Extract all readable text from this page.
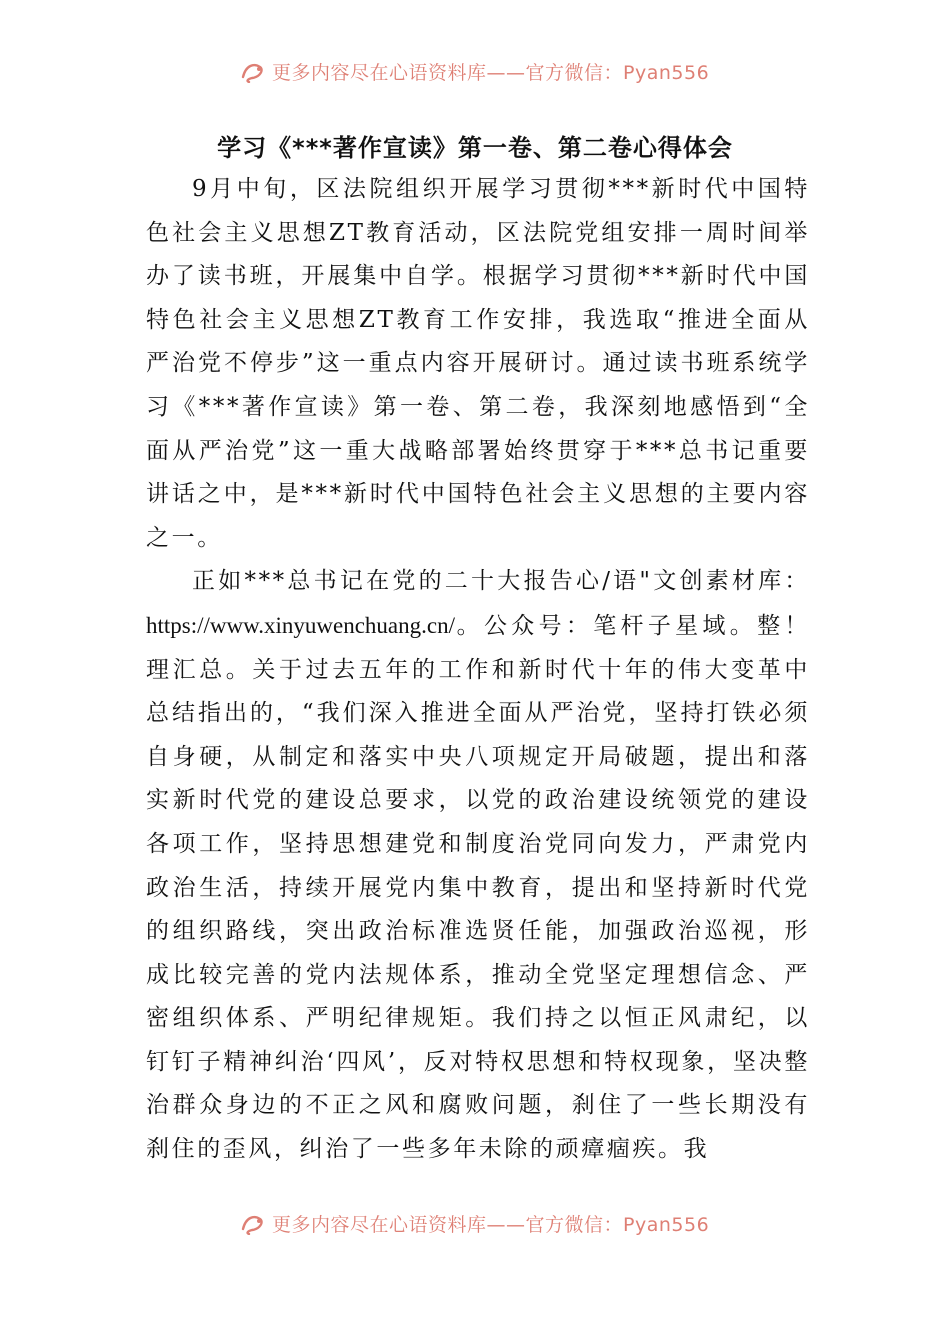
更多内容尽在心语资料库——官方微信：Pyan556
学习《***著作宣读》第一卷、第二卷心得体会

9月中旬，区法院组织开展学习贯彻***新时代中国特色社会主义思想ZT教育活动，区法院党组安排一周时间举办了读书班，开展集中自学。根据学习贯彻***新时代中国特色社会主义思想ZT教育工作安排，我选取“推进全面从严治党不停步”这一重点内容开展研讨。通过读书班系统学习《***著作宣读》第一卷、第二卷，我深刻地感悟到“全面从严治党”这一重大战略部署始终贯穿于***总书记重要讲话之中，是***新时代中国特色社会主义思想的主要内容之一。

正如***总书记在党的二十大报告心/语"文创素材库：https://www.xinyuwenchuang.cn/。公众号：笔杆子星域。整！理汇总。关于过去五年的工作和新时代十年的伟大变革中总结指出的，“我们深入推进全面从严治党，坚持打铁必须自身硬，从制定和落实中央八项规定开局破题，提出和落实新时代党的建设总要求，以党的政治建设统领党的建设各项工作，坚持思想建党和制度治党同向发力，严肃党内政治生活，持续开展党内集中教育，提出和坚持新时代党的组织路线，突出政治标准选贤任能，加强政治巡视，形成比较完善的党内法规体系，推动全党坚定理想信念、严密组织体系、严明纪律规矩。我们持之以恒正风肃纪，以钉钉子精神纠治‘四风’，反对特权思想和特权现象，坚决整治群众身边的不正之风和腐败问题，刹住了一些长期没有刹住的歪风，纠治了一些多年未除的顽瘴痼疾。我

更多内容尽在心语资料库——官方微信：Pyan556
